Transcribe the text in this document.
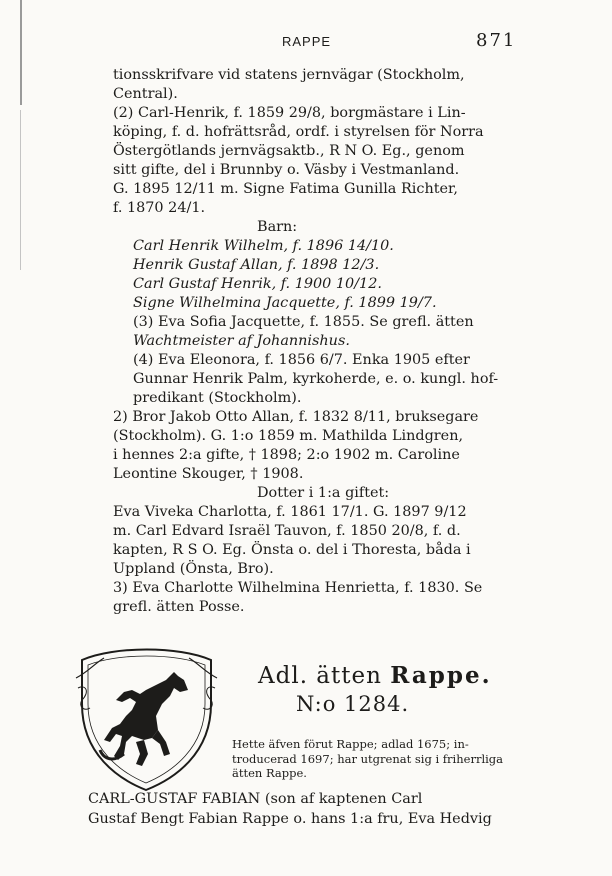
RAPPE	871
tionsskrifvare vid statens jernvägar (Stockholm,
Central).
(2) Carl-Henrik, f. 1859 29/8, borgmästare i Lin-
köping, f. d. hofrättsråd, ordf. i styrelsen för Norra
Östergötlands jernvägsaktb., R N O. Eg., genom
sitt gifte, del i Brunnby o. Väsby i Vestmanland.
G. 1895 12/11 m. Signe Fatima Gunilla Richter,
f. 1870 24/1.
Barn:
Carl Henrik Wilhelm, f. 1896 14/10.
Henrik Gustaf Allan, f. 1898 12/3.
Carl Gustaf Henrik, f. 1900 10/12.
Signe Wilhelmina Jacquette, f. 1899 19/7.
(3) Eva Sofia Jacquette, f. 1855. Se grefl. ätten
Wachtmeister af Johannishus.
(4) Eva Eleonora, f. 1856 6/7. Enka 1905 efter
Gunnar Henrik Palm, kyrkoherde, e. o. kungl. hof-
predikant (Stockholm).
2) Bror Jakob Otto Allan, f. 1832 8/11, bruksegare
(Stockholm). G. 1:o 1859 m. Mathilda Lindgren,
i hennes 2:a gifte, † 1898; 2:o 1902 m. Caroline
Leontine Skouger, † 1908.
Dotter i 1:a giftet:
Eva Viveka Charlotta, f. 1861 17/1. G. 1897 9/12
m. Carl Edvard Israël Tauvon, f. 1850 20/8, f. d.
kapten, R S O. Eg. Önsta o. del i Thoresta, båda i
Uppland (Önsta, Bro).
3) Eva Charlotte Wilhelmina Henrietta, f. 1830. Se
grefl. ätten Posse.
Adl. ätten Rappe.
N:o 1284.
Hette äfven förut Rappe; adlad 1675; in-
troducerad 1697; har utgrenat sig i friherrliga
ätten Rappe.
CARL-GUSTAF FABIAN (son af kaptenen Carl
Gustaf Bengt Fabian Rappe o. hans 1:a fru, Eva Hedvig
